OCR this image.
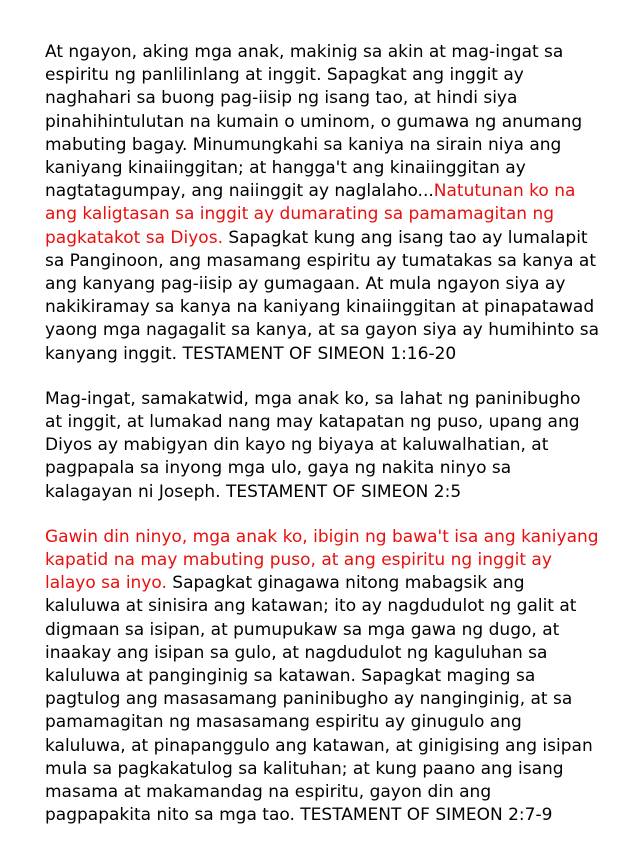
At ngayon, aking mga anak, makinig sa akin at mag-ingat sa espiritu ng panlilinlang at inggit. Sapagkat ang inggit ay naghahari sa buong pag-iisip ng isang tao, at hindi siya pinahihintulutan na kumain o uminom, o gumawa ng anumang mabuting bagay. Minumungkahi sa kaniya na sirain niya ang kaniyang kinaiinggitan; at hangga't ang kinaiinggitan ay nagtatagumpay, ang naiinggit ay naglalaho...Natutunan ko na ang kaligtasan sa inggit ay dumarating sa pamamagitan ng pagkatakot sa Diyos. Sapagkat kung ang isang tao ay lumalapit sa Panginoon, ang masamang espiritu ay tumatakas sa kanya at ang kanyang pag-iisip ay gumagaan. At mula ngayon siya ay nakikiramay sa kanya na kaniyang kinaiinggitan at pinapatawad yaong mga nagagalit sa kanya, at sa gayon siya ay humihinto sa kanyang inggit. TESTAMENT OF SIMEON 1:16-20

Mag-ingat, samakatwid, mga anak ko, sa lahat ng paninibugho at inggit, at lumakad nang may katapatan ng puso, upang ang Diyos ay mabigyan din kayo ng biyaya at kaluwalhatian, at pagpapala sa inyong mga ulo, gaya ng nakita ninyo sa kalagayan ni Joseph. TESTAMENT OF SIMEON 2:5

Gawin din ninyo, mga anak ko, ibigin ng bawa't isa ang kaniyang kapatid na may mabuting puso, at ang espiritu ng inggit ay lalayo sa inyo. Sapagkat ginagawa nitong mabagsik ang kaluluwa at sinisira ang katawan; ito ay nagdudulot ng galit at digmaan sa isipan, at pumupukaw sa mga gawa ng dugo, at inaakay ang isipan sa gulo, at nagdudulot ng kaguluhan sa kaluluwa at panginginig sa katawan. Sapagkat maging sa pagtulog ang masasamang paninibugho ay nanginginig, at sa pamamagitan ng masasamang espiritu ay ginugulo ang kaluluwa, at pinapanggulo ang katawan, at ginigising ang isipan mula sa pagkakatulog sa kalituhan; at kung paano ang isang masama at makamandag na espiritu, gayon din ang pagpapakita nito sa mga tao. TESTAMENT OF SIMEON 2:7-9
